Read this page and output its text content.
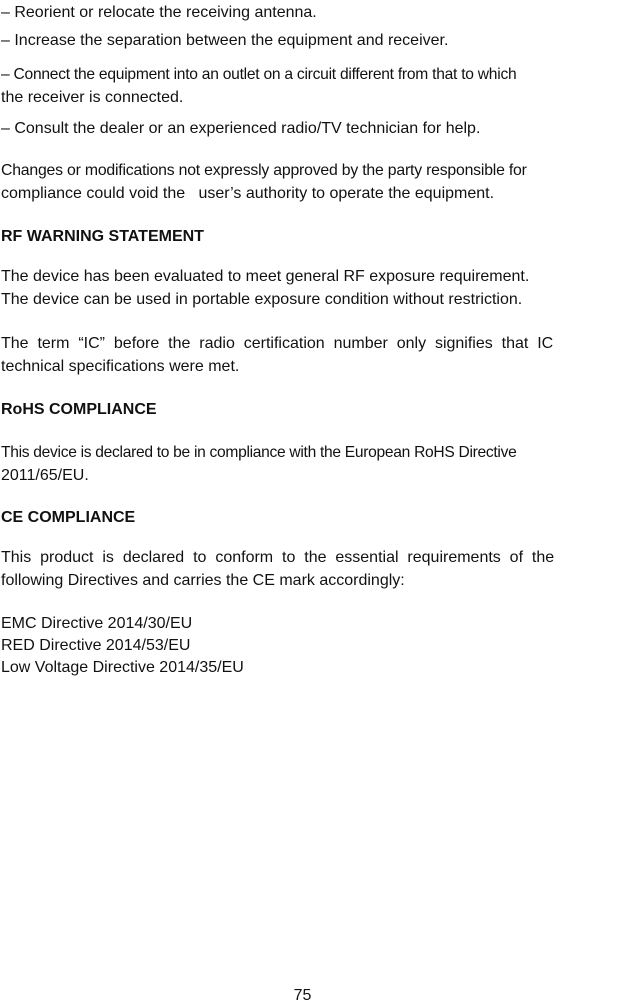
– Reorient or relocate the receiving antenna.

– Increase the separation between the equipment and receiver.

– Connect the equipment into an outlet on a circuit different from that to which
the receiver is connected.

– Consult the dealer or an experienced radio/TV technician for help.

Changes or modifications not expressly approved by the party responsible for
compliance could void the   user’s authority to operate the equipment.
RF WARNING STATEMENT
The device has been evaluated to meet general RF exposure requirement.
The device can be used in portable exposure condition without restriction.
The  term  “IC”  before  the  radio  certification  number  only  signifies  that  IC
technical specifications were met.
RoHS COMPLIANCE
This device is declared to be in compliance with the European RoHS Directive
2011/65/EU.
CE COMPLIANCE
This  product  is  declared  to  conform  to  the  essential  requirements  of  the
following Directives and carries the CE mark accordingly:
EMC Directive 2014/30/EU
RED Directive 2014/53/EU
Low Voltage Directive 2014/35/EU
75
